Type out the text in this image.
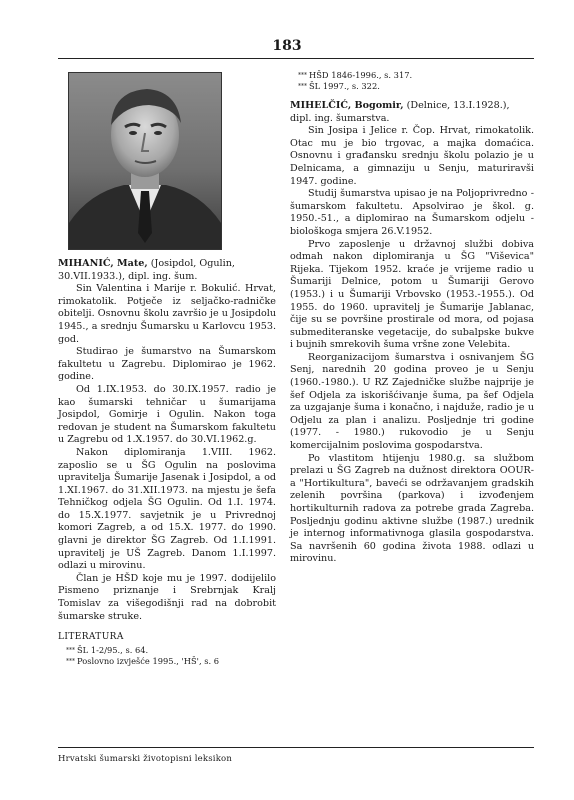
183

MIHANIĆ, Mate, (Josipdol, Ogulin, 30.VII.1933.), dipl. ing. šum.

Sin Valentina i Marije r. Bokulić. Hrvat, rimokatolik. Potječe iz seljačko-radničke obitelji. Osnovnu školu završio je u Josipdolu 1945., a srednju Šumarsku u Karlovcu 1953. god.

Studirao je šumarstvo na Šumarskom fakultetu u Zagrebu. Diplomirao je 1962. godine.

Od 1.IX.1953. do 30.IX.1957. radio je kao šumarski tehničar u šumarijama Josipdol, Gomirje i Ogulin. Nakon toga redovan je student na Šumarskom fakultetu u Zagrebu od 1.X.1957. do 30.VI.1962.g.

Nakon diplomiranja 1.VIII. 1962. zaposlio se u ŠG Ogulin na poslovima upravitelja Šumarije Jasenak i Josipdol, a od 1.XI.1967. do 31.XII.1973. na mjestu je šefa Tehničkog odjela ŠG Ogulin. Od 1.I. 1974. do 15.X.1977. savjetnik je u Privrednoj komori Zagreb, a od 15.X. 1977. do 1990. glavni je direktor ŠG Zagreb. Od 1.I.1991. upravitelj je UŠ Zagreb. Danom 1.I.1997. odlazi u mirovinu.

Član je HŠD koje mu je 1997. dodijelilo Pismeno priznanje i Srebrnjak Kralj Tomislav za višegodišnji rad na dobrobit šumarske struke.

LITERATURA
*** ŠL 1-2/95., s. 64.
*** Poslovno izvješće 1995., 'HŠ', s. 6
*** HŠD 1846-1996., s. 317.
*** ŠL 1997., s. 322.

MIHELČIĆ, Bogomir, (Delnice, 13.I.1928.), dipl. ing. šumarstva.

Sin Josipa i Jelice r. Čop. Hrvat, rimokatolik. Otac mu je bio trgovac, a majka domaćica. Osnovnu i građansku srednju školu polazio je u Delnicama, a gimnaziju u Senju, maturiravši 1947. godine.

Studij šumarstva upisao je na Poljoprivredno - šumarskom fakultetu. Apsolvirao je škol. g. 1950.-51., a diplomirao na Šumarskom odjelu - biološkoga smjera 26.V.1952.

Prvo zaposlenje u državnoj službi dobiva odmah nakon diplomiranja u ŠG "Viševica" Rijeka. Tijekom 1952. kraće je vrijeme radio u Šumariji Delnice, potom u Šumariji Gerovo (1953.) i u Šumariji Vrbovsko (1953.-1955.). Od 1955. do 1960. upravitelj je Šumarije Jablanac, čije su se površine prostirale od mora, od pojasa submediteranske vegetacije, do subalpske bukve i bujnih smrekovih šuma vršne zone Velebita.

Reorganizacijom šumarstva i osnivanjem ŠG Senj, narednih 20 godina proveo je u Senju (1960.-1980.). U RZ Zajedničke službe najprije je šef Odjela za iskorišćivanje šuma, pa šef Odjela za uzgajanje šuma i konačno, i najduže, radio je u Odjelu za plan i analizu. Posljednje tri godine (1977. - 1980.) rukovodio je u Senju komercijalnim poslovima gospodarstva.

Po vlastitom htijenju 1980.g. sa službom prelazi u ŠG Zagreb na dužnost direktora OOUR-a "Hortikultura", baveći se održavanjem gradskih zelenih površina (parkova) i izvođenjem hortikulturnih radova za potrebe grada Zagreba. Posljednju godinu aktivne službe (1987.) urednik je internog informativnoga glasila gospodarstva. Sa navršenih 60 godina života 1988. odlazi u mirovinu.

Hrvatski šumarski životopisni leksikon
